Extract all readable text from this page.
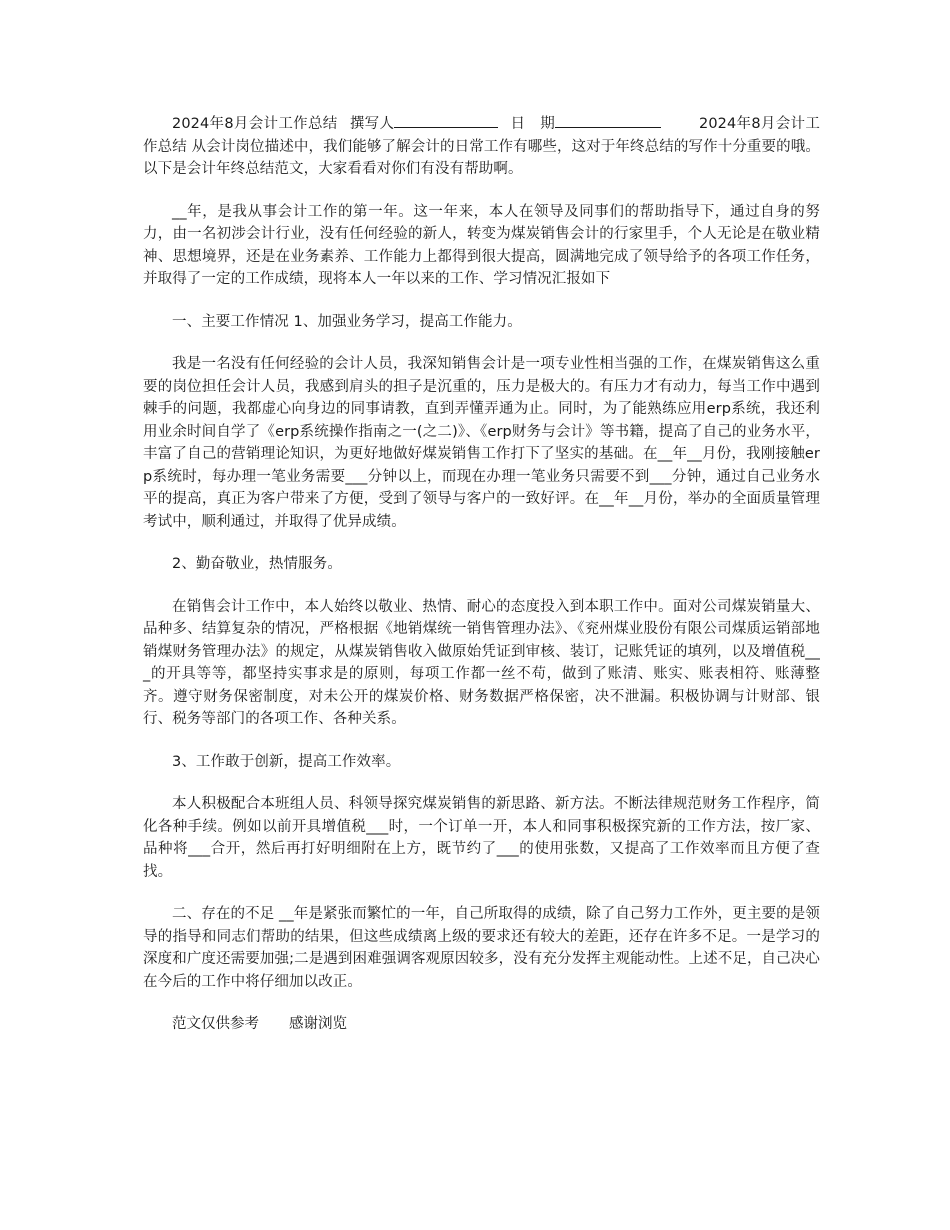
2024年8月会计工作总结 撰写人	日　期	2024年8月会计工作总结 从会计岗位描述中，我们能够了解会计的日常工作有哪些，这对于年终总结的写作十分重要的哦。以下是会计年终总结范文，大家看看对你们有没有帮助啊。

__年，是我从事会计工作的第一年。这一年来，本人在领导及同事们的帮助指导下，通过自身的努力，由一名初涉会计行业，没有任何经验的新人，转变为煤炭销售会计的行家里手，个人无论是在敬业精神、思想境界，还是在业务素养、工作能力上都得到很大提高，圆满地完成了领导给予的各项工作任务，并取得了一定的工作成绩，现将本人一年以来的工作、学习情况汇报如下

一、主要工作情况 1、加强业务学习，提高工作能力。

我是一名没有任何经验的会计人员，我深知销售会计是一项专业性相当强的工作，在煤炭销售这么重要的岗位担任会计人员，我感到肩头的担子是沉重的，压力是极大的。有压力才有动力，每当工作中遇到棘手的问题，我都虚心向身边的同事请教，直到弄懂弄通为止。同时，为了能熟练应用erp系统，我还利用业余时间自学了《erp系统操作指南之一(之二)》、《erp财务与会计》等书籍，提高了自己的业务水平，丰富了自己的营销理论知识，为更好地做好煤炭销售工作打下了坚实的基础。在__年__月份，我刚接触erp系统时，每办理一笔业务需要___分钟以上，而现在办理一笔业务只需要不到___分钟，通过自己业务水平的提高，真正为客户带来了方便，受到了领导与客户的一致好评。在__年__月份，举办的全面质量管理考试中，顺利通过，并取得了优异成绩。

2、勤奋敬业，热情服务。

在销售会计工作中，本人始终以敬业、热情、耐心的态度投入到本职工作中。面对公司煤炭销量大、品种多、结算复杂的情况，严格根据《地销煤统一销售管理办法》、《兖州煤业股份有限公司煤质运销部地销煤财务管理办法》的规定，从煤炭销售收入做原始凭证到审核、装订，记账凭证的填列，以及增值税___的开具等等，都坚持实事求是的原则，每项工作都一丝不苟，做到了账清、账实、账表相符、账薄整齐。遵守财务保密制度，对未公开的煤炭价格、财务数据严格保密，决不泄漏。积极协调与计财部、银行、税务等部门的各项工作、各种关系。

3、工作敢于创新，提高工作效率。

本人积极配合本班组人员、科领导探究煤炭销售的新思路、新方法。不断法律规范财务工作程序，简化各种手续。例如以前开具增值税___时，一个订单一开，本人和同事积极探究新的工作方法，按厂家、品种将___合开，然后再打好明细附在上方，既节约了___的使用张数，又提高了工作效率而且方便了查找。

二、存在的不足 __年是紧张而繁忙的一年，自己所取得的成绩，除了自己努力工作外，更主要的是领导的指导和同志们帮助的结果，但这些成绩离上级的要求还有较大的差距，还存在许多不足。一是学习的深度和广度还需要加强;二是遇到困难强调客观原因较多，没有充分发挥主观能动性。上述不足，自己决心在今后的工作中将仔细加以改正。

范文仅供参考 感谢浏览
